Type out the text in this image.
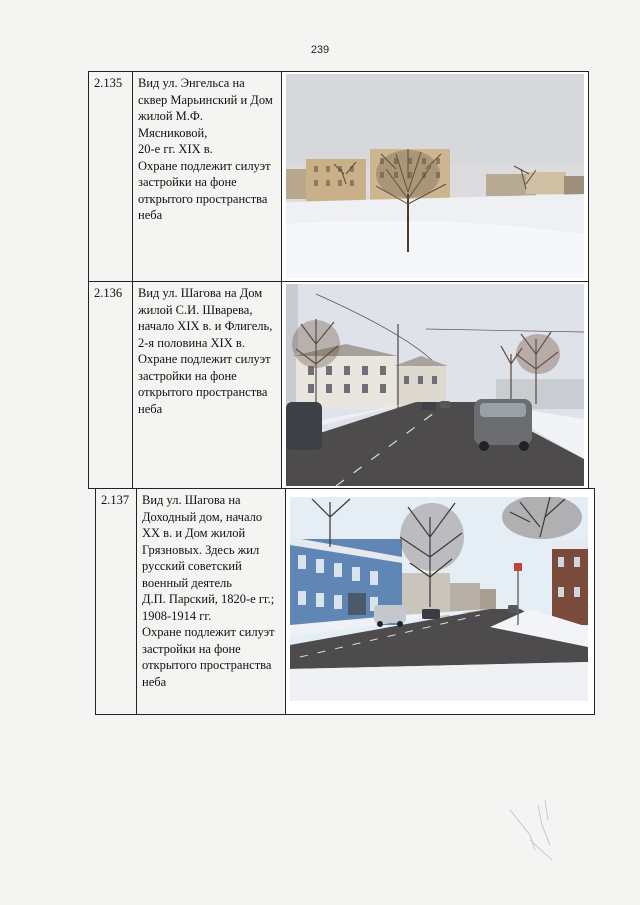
239
2.135	Вид ул. Энгельса на
сквер Марьинский и Дом
жилой М.Ф. Мясниковой,
20-е гг. XIX в.
Охране подлежит силуэт
застройки на фоне
открытого пространства
неба
2.136	Вид ул. Шагова на Дом
жилой С.И. Шварева,
начало XIX в. и Флигель,
2-я половина XIX в.
Охране подлежит силуэт
застройки на фоне
открытого пространства
неба
2.137	Вид ул. Шагова на
Доходный дом, начало
XX в. и Дом жилой
Грязновых. Здесь жил
русский советский
военный деятель
Д.П. Парский, 1820-е гг.;
1908-1914 гг.
Охране подлежит силуэт
застройки на фоне
открытого пространства
неба
